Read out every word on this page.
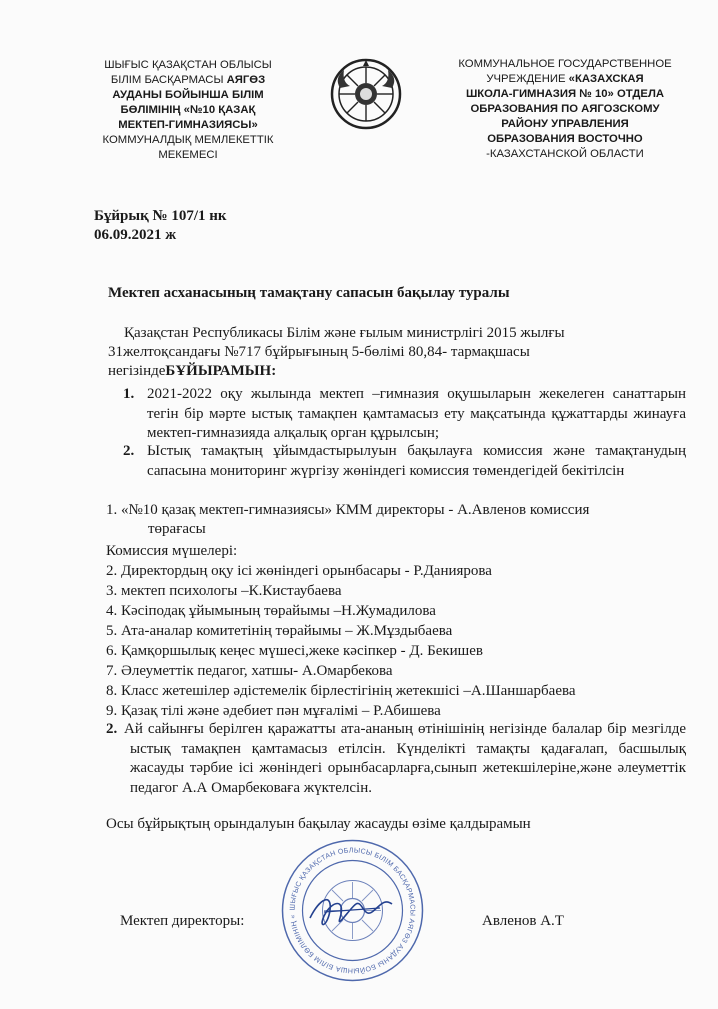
ШЫҒЫС ҚАЗАҚСТАН ОБЛЫСЫ
БІЛІМ БАСҚАРМАСЫ АЯГӨЗ
АУДАНЫ БОЙЫНША БІЛІМ
БӨЛІМІНІҢ «№10 ҚАЗАҚ
МЕКТЕП-ГИМНАЗИЯСЫ»
КОММУНАЛДЫҚ МЕМЛЕКЕТТІК
МЕКЕМЕСІ
КОММУНАЛЬНОЕ ГОСУДАРСТВЕННОЕ
УЧРЕЖДЕНИЕ «КАЗАХСКАЯ
ШКОЛА-ГИМНАЗИЯ № 10» ОТДЕЛА
ОБРАЗОВАНИЯ ПО АЯГОЗСКОМУ
РАЙОНУ УПРАВЛЕНИЯ
ОБРАЗОВАНИЯ ВОСТОЧНО
-КАЗАХСТАНСКОЙ ОБЛАСТИ
Бұйрық № 107/1 нк
06.09.2021 ж
Мектеп асханасының тамақтану сапасын бақылау туралы
Қазақстан Республикасы Білім және ғылым министрлігі 2015 жылғы
31желтоқсандағы №717 бұйрығының 5-бөлімі 80,84- тармақшасы
негізіндеБҰЙЫРАМЫН:
1. 2021-2022 оқу жылында мектеп –гимназия оқушыларын жекелеген санаттарын тегін бір мәрте ыстық тамақпен қамтамасыз ету мақсатында құжаттарды жинауға мектеп-гимназияда алқалық орган құрылсын;
2. Ыстық тамақтың ұйымдастырылуын бақылауға комиссия және тамақтанудың сапасына мониторинг жүргізу жөніндегі комиссия төмендегідей бекітілсін
1. «№10 қазақ мектеп-гимназиясы» КММ директоры - А.Авленов комиссия
төрағасы
Комиссия мүшелері:
2. Директордың оқу ісі жөніндегі орынбасары - Р.Даниярова
3. мектеп психологы –К.Кистаубаева
4. Кәсіподақ ұйымының төрайымы –Н.Жумадилова
5. Ата-аналар комитетінің төрайымы – Ж.Мұздыбаева
6. Қамқоршылық кеңес мүшесі,жеке кәсіпкер - Д. Бекишев
7. Әлеуметтік педагог, хатшы- А.Омарбекова
8. Класс жетешілер әдістемелік бірлестігінің жетекшісі –А.Шаншарбаева
9. Қазақ тілі және әдебиет пән мұғалімі – Р.Абишева
2. Ай сайынғы берілген қаражатты ата-ананың өтінішінің негізінде балалар бір мезгілде ыстық тамақпен қамтамасыз етілсін. Күнделікті тамақты қадағалап, басшылық жасауды тәрбие ісі жөніндегі орынбасарларға,сынып жетекшілеріне,және әлеуметтік педагог А.А Омарбековаға жүктелсін.
Осы бұйрықтың орындалуын бақылау жасауды өзіме қалдырамын
ШЫҒЫС ҚАЗАҚСТАН ОБЛЫСЫ БІЛІМ БАСҚАРМАСЫ АЯГӨЗ АУДАНЫ БОЙЫНША БІЛІМ БӨЛІМІНІҢ «
Мектеп директоры:	Авленов А.Т
